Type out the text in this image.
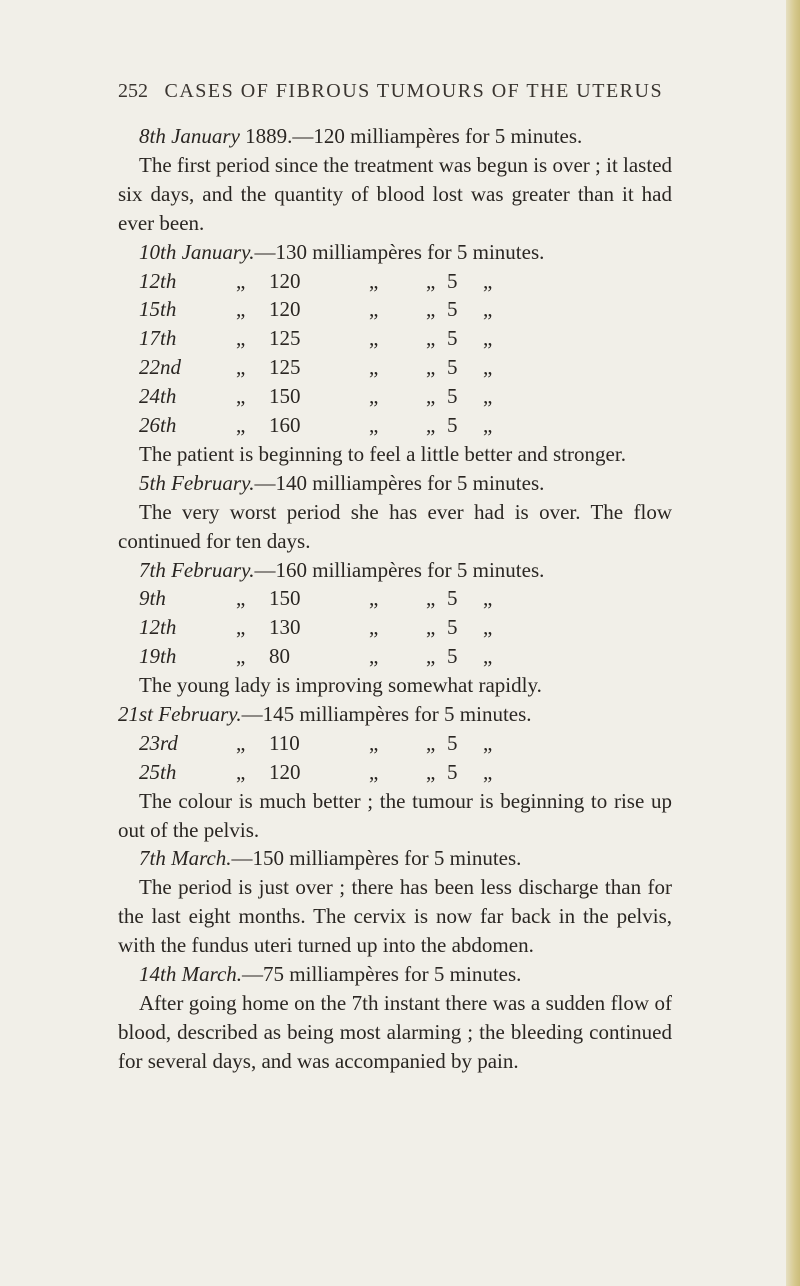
252 CASES OF FIBROUS TUMOURS OF THE UTERUS

8th January 1889.—120 milliampères for 5 minutes.

The first period since the treatment was begun is over ; it lasted six days, and the quantity of blood lost was greater than it had ever been.

10th January.—130 milliampères for 5 minutes.

12th	„	120	„	„ 5	„
15th	„	120	„	„ 5	„
17th	„	125	„	„ 5	„
22nd	„	125	„	„ 5	„
24th	„	150	„	„ 5	„
26th	„	160	„	„ 5	„

The patient is beginning to feel a little better and stronger.

5th February.—140 milliampères for 5 minutes.

The very worst period she has ever had is over. The flow continued for ten days.

7th February.—160 milliampères for 5 minutes.

9th	„	150	„	„ 5	„
12th	„	130	„	„ 5	„
19th	„	80	„	„ 5	„

The young lady is improving somewhat rapidly.

21st February.—145 milliampères for 5 minutes.

23rd	„	110	„	„ 5	„
25th	„	120	„	„ 5	„

The colour is much better ; the tumour is beginning to rise up out of the pelvis.

7th March.—150 milliampères for 5 minutes.

The period is just over ; there has been less discharge than for the last eight months. The cervix is now far back in the pelvis, with the fundus uteri turned up into the abdomen.

14th March.—75 milliampères for 5 minutes.

After going home on the 7th instant there was a sudden flow of blood, described as being most alarming ; the bleeding continued for several days, and was accompanied by pain.
